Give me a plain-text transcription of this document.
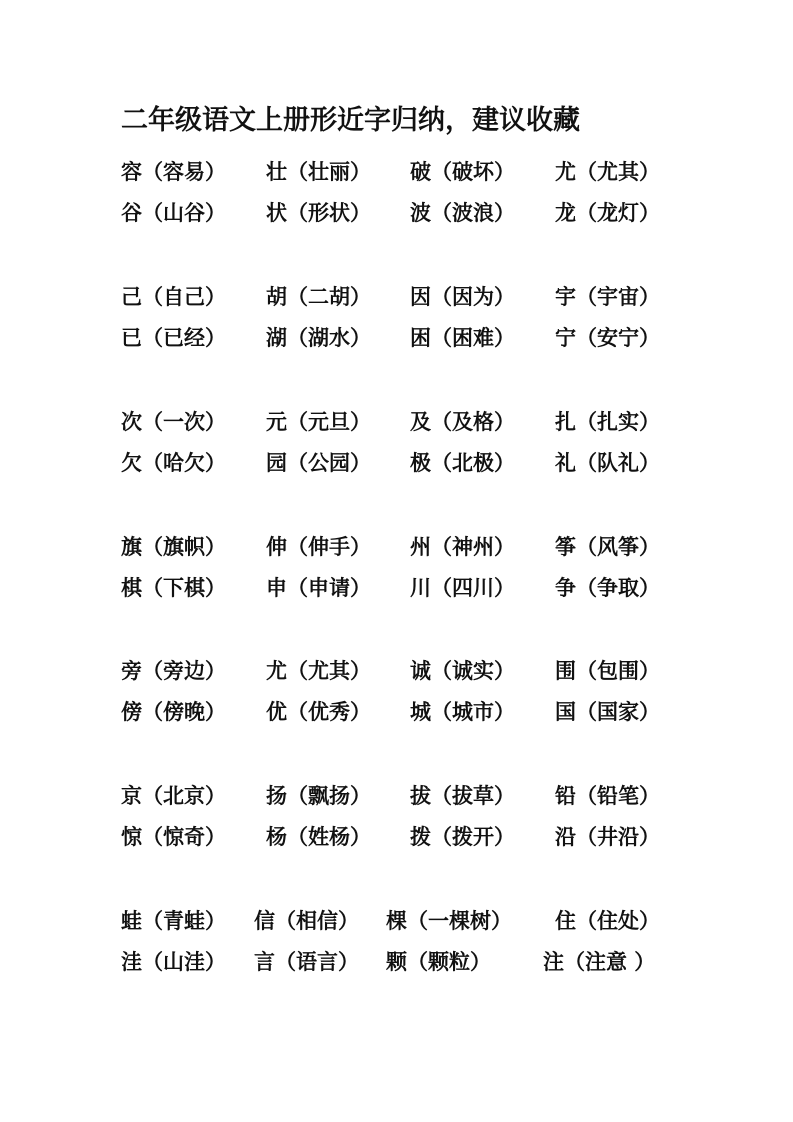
二年级语文上册形近字归纳，建议收藏
容（容易） 壮（壮丽） 破（破坏） 尤（尤其）
谷（山谷） 状（形状） 波（波浪） 龙（龙灯）
己（自己） 胡（二胡） 因（因为） 宇（宇宙）
已（已经） 湖（湖水） 困（困难） 宁（安宁）
次（一次） 元（元旦） 及（及格） 扎（扎实）
欠（哈欠） 园（公园） 极（北极） 礼（队礼）
旗（旗帜） 伸（伸手） 州（神州） 筝（风筝）
棋（下棋） 申（申请） 川（四川） 争（争取）
旁（旁边） 尤（尤其） 诚（诚实） 围（包围）
傍（傍晚） 优（优秀） 城（城市） 国（国家）
京（北京） 扬（飘扬） 拔（拔草） 铅（铅笔）
惊（惊奇） 杨（姓杨） 拨（拨开） 沿（井沿）
蛙（青蛙） 信（相信） 棵（一棵树） 住（住处）
洼（山洼） 言（语言） 颗（颗粒） 注（注意 ）
